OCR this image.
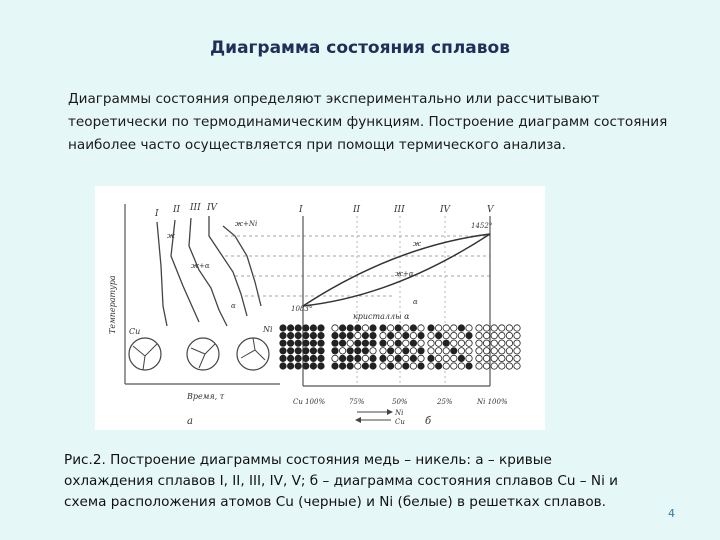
Диаграмма состояния сплавов
Диаграммы состояния определяют экспериментально или рассчитывают теоретически по термодинамическим функциям. Построение диаграмм состояния наиболее часто осуществляется при помощи термического анализа.
Температура
Время, τ
а
I II III IV
ж+Ni
ж
ж+α
α
Cu	Ni
I	II	III	IV	V
1083°
1452°
ж
ж+α
α
кристаллы α
Cu 100%	75%	50%	25%	Ni 100%
Ni
Cu б
Рис.2. Построение диаграммы состояния медь – никель: а – кривые охлаждения сплавов I, II, III, IV, V; б – диаграмма состояния сплавов Cu – Ni и схема расположения атомов Cu (черные) и Ni (белые) в решетках сплавов.
4
